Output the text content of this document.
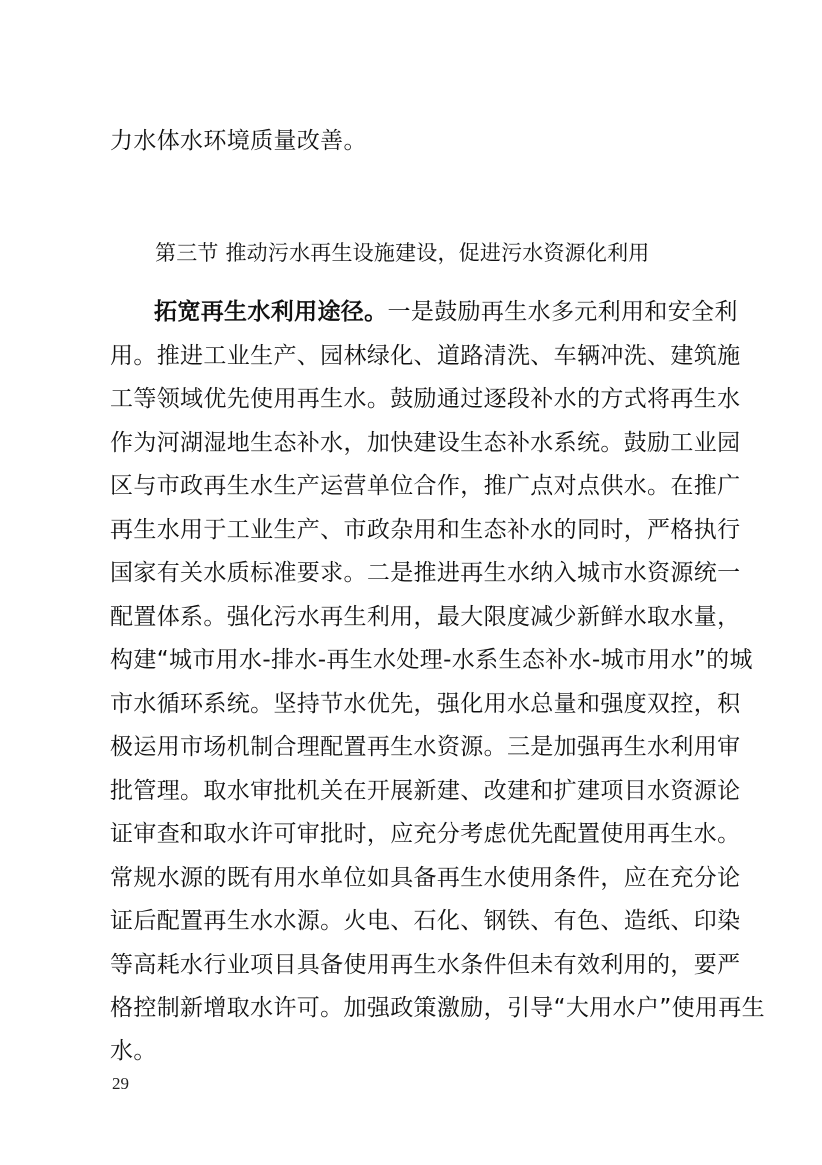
力水体水环境质量改善。
第三节 推动污水再生设施建设，促进污水资源化利用
拓宽再生水利用途径。一是鼓励再生水多元利用和安全利
用。推进工业生产、园林绿化、道路清洗、车辆冲洗、建筑施
工等领域优先使用再生水。鼓励通过逐段补水的方式将再生水
作为河湖湿地生态补水，加快建设生态补水系统。鼓励工业园
区与市政再生水生产运营单位合作，推广点对点供水。在推广
再生水用于工业生产、市政杂用和生态补水的同时，严格执行
国家有关水质标准要求。二是推进再生水纳入城市水资源统一
配置体系。强化污水再生利用，最大限度减少新鲜水取水量，
构建“城市用水-排水-再生水处理-水系生态补水-城市用水”的城
市水循环系统。坚持节水优先，强化用水总量和强度双控，积
极运用市场机制合理配置再生水资源。三是加强再生水利用审
批管理。取水审批机关在开展新建、改建和扩建项目水资源论
证审查和取水许可审批时，应充分考虑优先配置使用再生水。
常规水源的既有用水单位如具备再生水使用条件，应在充分论
证后配置再生水水源。火电、石化、钢铁、有色、造纸、印染
等高耗水行业项目具备使用再生水条件但未有效利用的，要严
格控制新增取水许可。加强政策激励，引导“大用水户”使用再生
水。
29
